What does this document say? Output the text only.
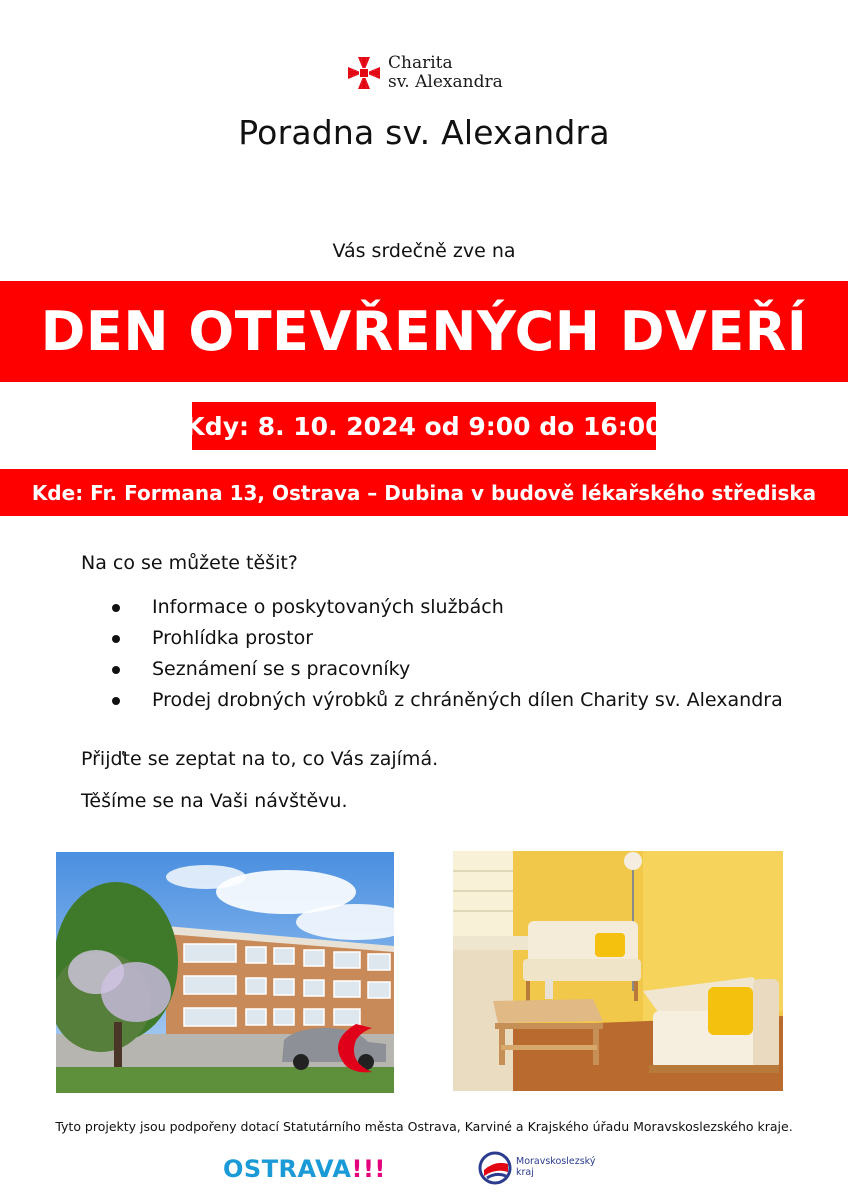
Charita
sv. Alexandra
Poradna sv. Alexandra
Vás srdečně zve na
DEN OTEVŘENÝCH DVEŘÍ
Kdy: 8. 10. 2024 od 9:00 do 16:00
Kde: Fr. Formana 13, Ostrava – Dubina v budově lékařského střediska
Na co se můžete těšit?
Informace o poskytovaných službách
Prohlídka prostor
Seznámení se s pracovníky
Prodej drobných výrobků z chráněných dílen Charity sv. Alexandra
Přijďte se zeptat na to, co Vás zajímá.
Těšíme se na Vaši návštěvu.
Tyto projekty jsou podpořeny dotací Statutárního města Ostrava, Karviné a Krajského úřadu Moravskoslezského kraje.
OSTRAVA!!!	Moravskoslezský
kraj
